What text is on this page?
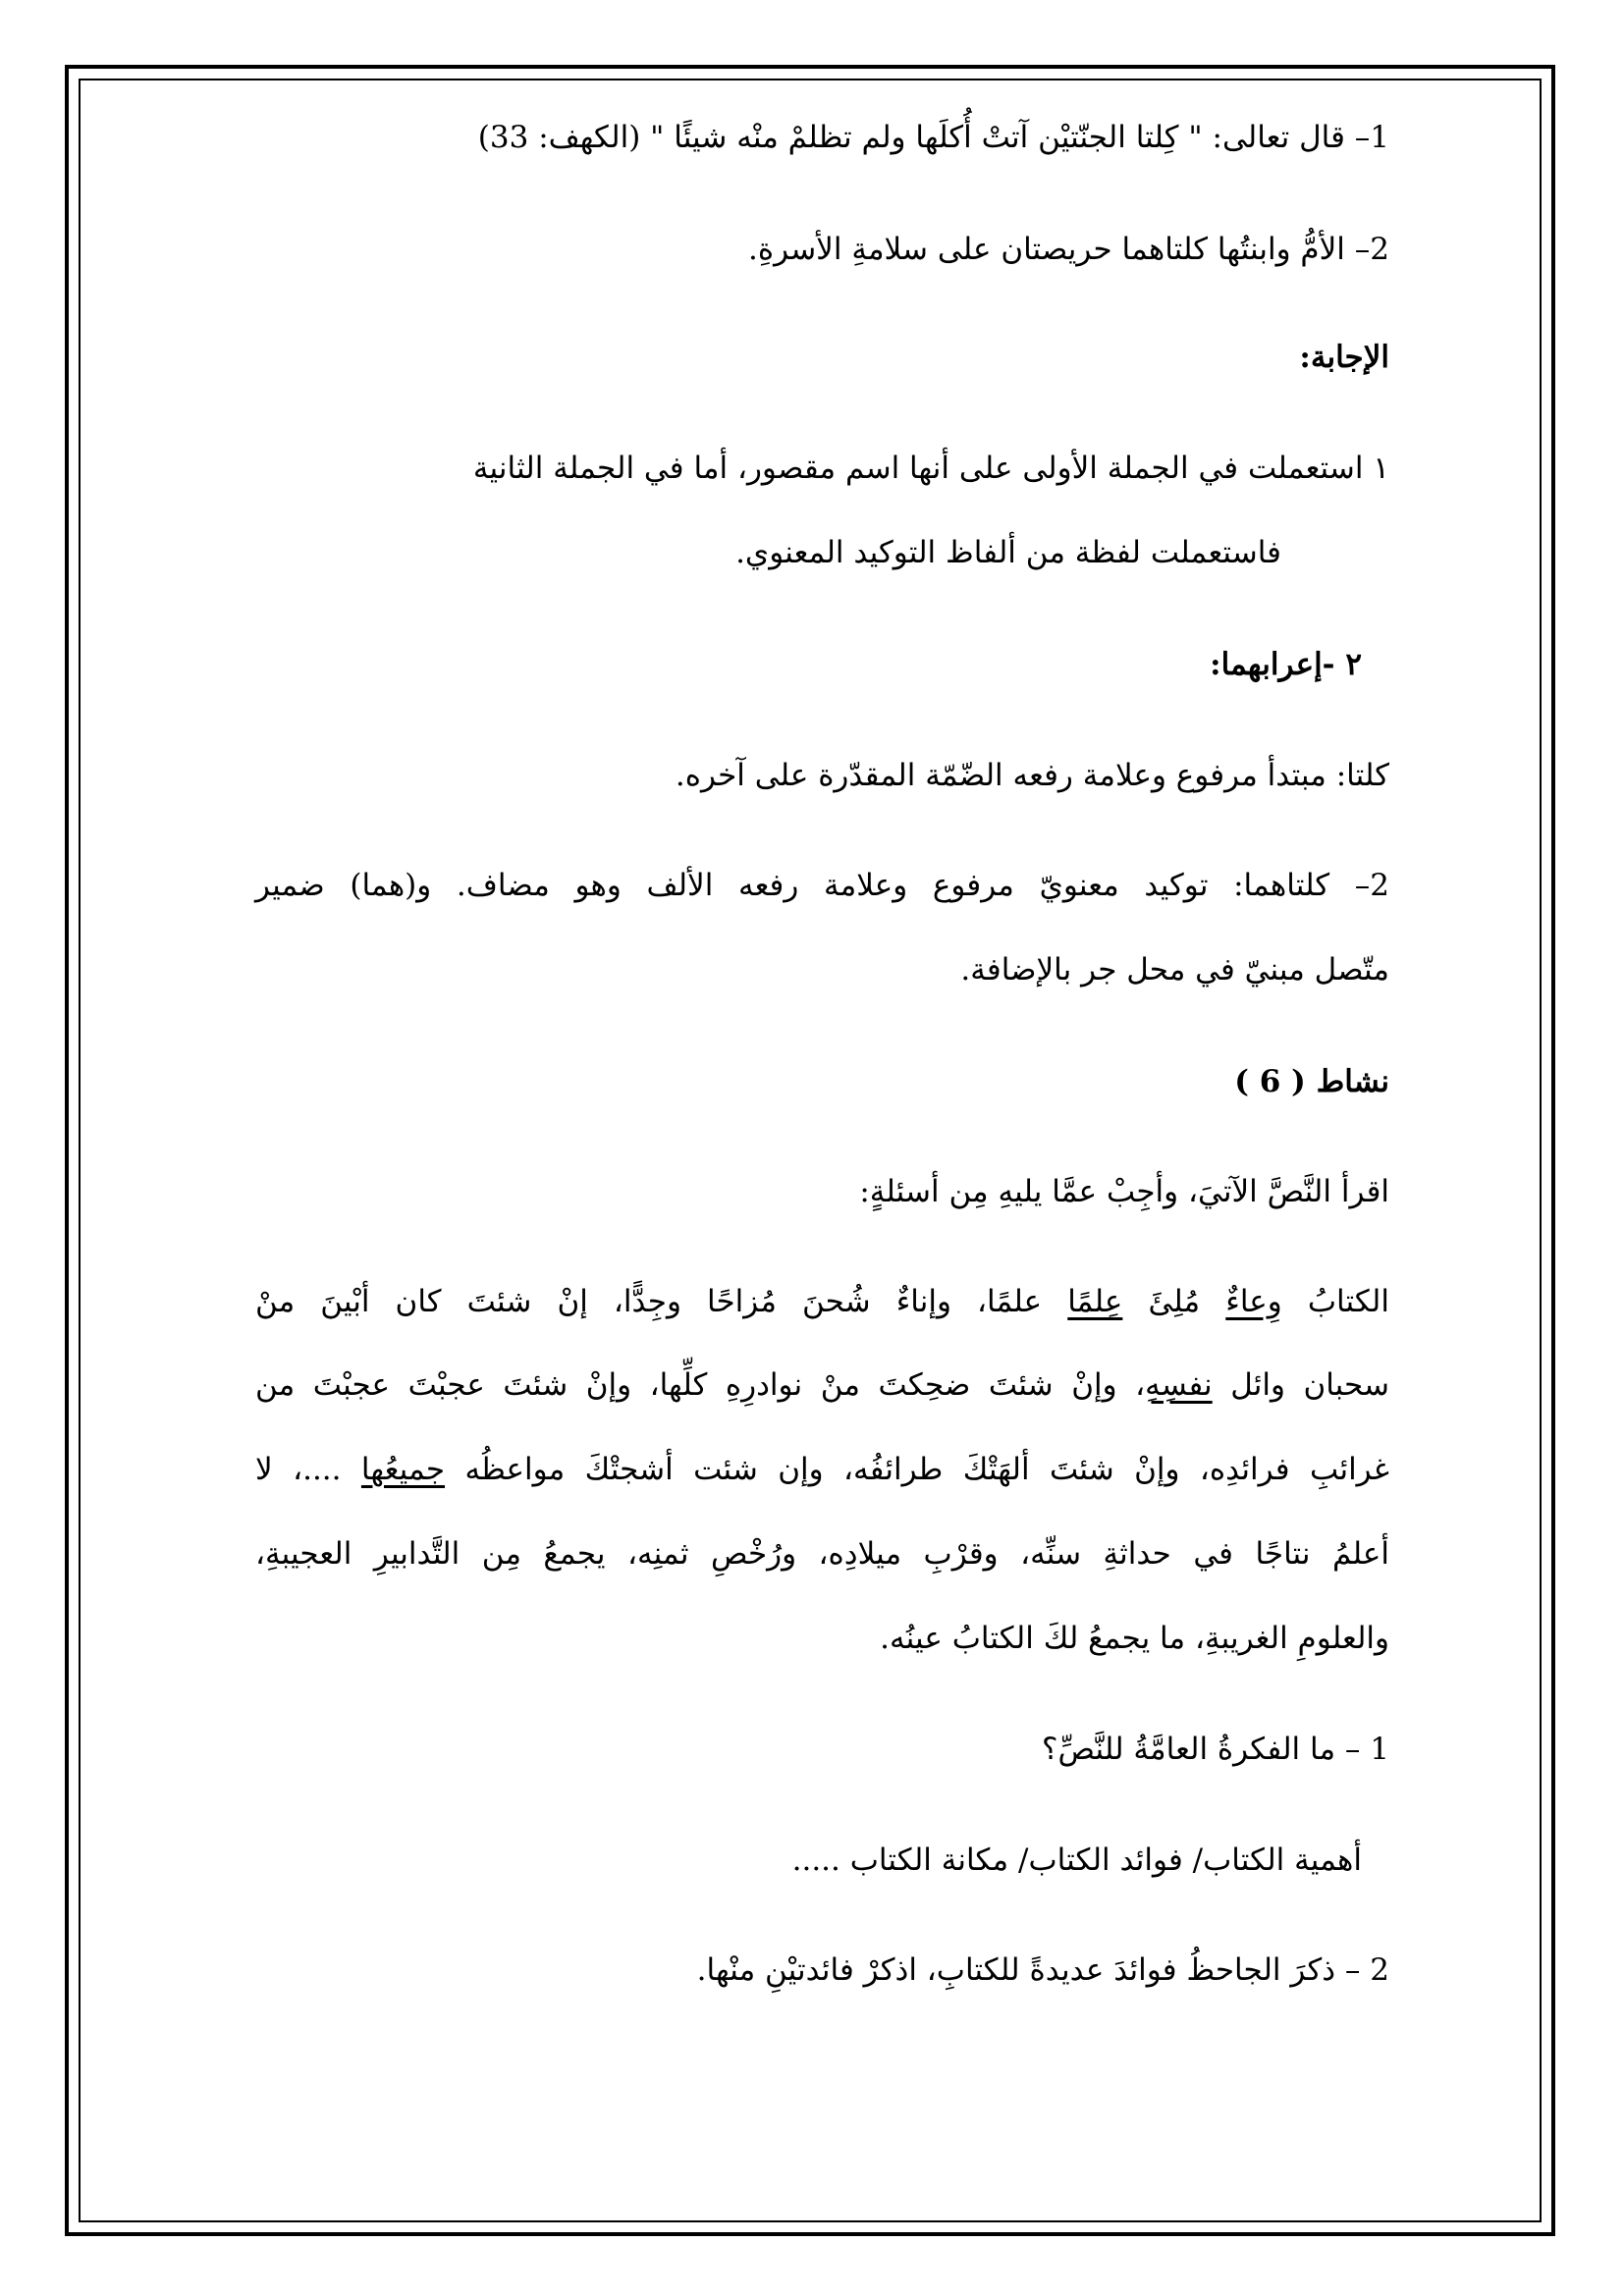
1– قال تعالى: " كِلتا الجنّتيْن آتتْ أُكلَها ولم تظلمْ منْه شيئًا " (الكهف: 33)
2– الأمُّ وابنتُها كلتاهما حريصتان على سلامةِ الأسرةِ.
الإجابة:
١ استعملت في الجملة الأولى على أنها اسم مقصور، أما في الجملة الثانية
فاستعملت لفظة من ألفاظ التوكيد المعنوي.
٢ -إعرابهما:
كلتا: مبتدأ مرفوع وعلامة رفعه الضّمّة المقدّرة على آخره.
2– كلتاهما: توكيد معنويّ مرفوع وعلامة رفعه الألف وهو مضاف. و(هما) ضمير
متّصل مبنيّ في محل جر بالإضافة.
نشاط ( 6 )
اقرأ النَّصَّ الآتيَ، وأجِبْ عمَّا يليهِ مِن أسئلةٍ:
الكتابُ وِعاءٌ مُلِئَ عِلمًا علمًا، وإناءٌ شُحنَ مُزاحًا وجِدًّا، إنْ شئتَ كان أبْينَ منْ
سحبان وائل نفسِهِ، وإنْ شئتَ ضحِكتَ منْ نوادرِهِ كلِّها، وإنْ شئتَ عجبْتَ عجبْتَ من
غرائبِ فرائدِه، وإنْ شئتَ ألهَتْكَ طرائفُه، وإن شئت أشجتْكَ مواعظُه جميعُها ....، لا
أعلمُ نتاجًا في حداثةِ سنِّه، وقرْبِ ميلادِه، ورُخْصِ ثمنِه، يجمعُ مِن التَّدابيرِ العجيبةِ،
والعلومِ الغريبةِ، ما يجمعُ لكَ الكتابُ عينُه.
1 – ما الفكرةُ العامَّةُ للنَّصِّ؟
أهمية الكتاب/ فوائد الكتاب/ مكانة الكتاب .....
2 – ذكرَ الجاحظُ فوائدَ عديدةً للكتابِ، اذكرْ فائدتيْنِ منْها.
